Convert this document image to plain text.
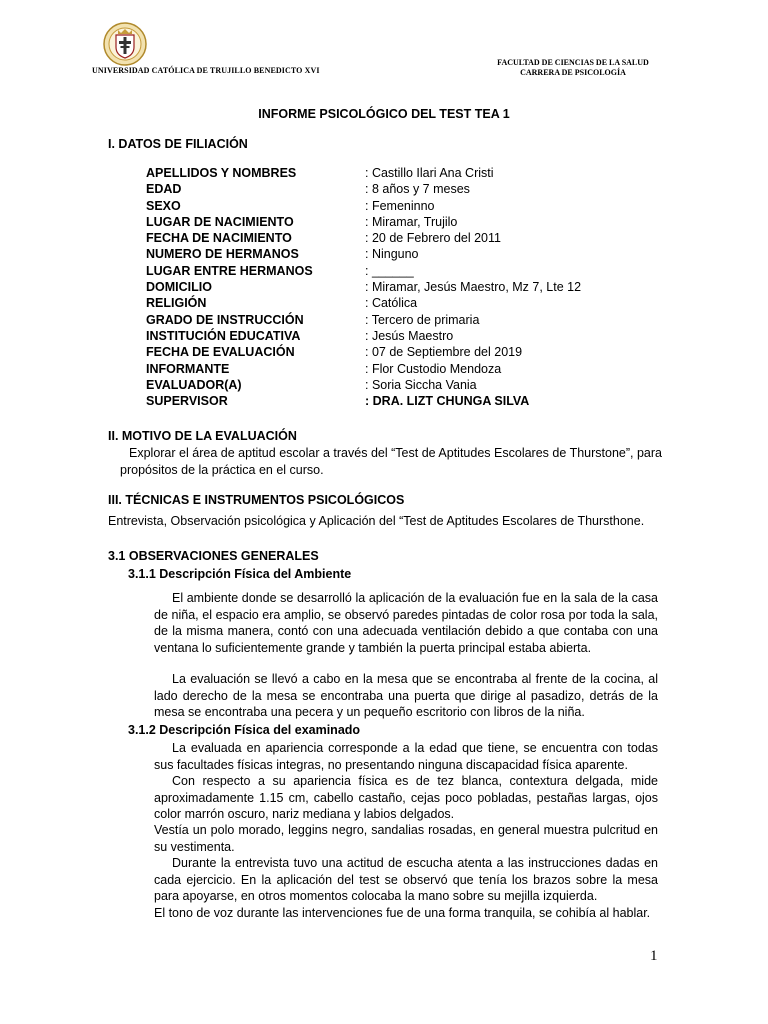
UNIVERSIDAD CATÓLICA DE TRUJILLO BENEDICTO XVI
FACULTAD DE CIENCIAS DE LA SALUD
CARRERA DE PSICOLOGÍA
INFORME PSICOLÓGICO DEL TEST TEA 1
I. DATOS DE FILIACIÓN
APELLIDOS Y NOMBRES	: Castillo Ilari Ana Cristi
EDAD	: 8 años y 7 meses
SEXO	: Femeninno
LUGAR DE NACIMIENTO	: Miramar, Trujilo
FECHA DE NACIMIENTO	: 20 de Febrero del 2011
NUMERO DE HERMANOS	: Ninguno
LUGAR ENTRE HERMANOS	: ______
DOMICILIO	: Miramar, Jesús Maestro, Mz 7, Lte 12
RELIGIÓN	: Católica
GRADO DE INSTRUCCIÓN	: Tercero de primaria
INSTITUCIÓN EDUCATIVA	: Jesús Maestro
FECHA DE EVALUACIÓN	: 07 de Septiembre del 2019
INFORMANTE	: Flor Custodio Mendoza
EVALUADOR(A)	: Soria Siccha Vania
SUPERVISOR	: DRA. LIZT CHUNGA SILVA
II. MOTIVO DE LA EVALUACIÓN
Explorar el área de aptitud escolar a través del “Test de Aptitudes Escolares de Thurstone”, para propósitos de la práctica en el curso.
III. TÉCNICAS E INSTRUMENTOS PSICOLÓGICOS
Entrevista, Observación psicológica y Aplicación del “Test de Aptitudes Escolares de Thursthone.
3.1 OBSERVACIONES GENERALES
3.1.1 Descripción Física del Ambiente
El ambiente donde se desarrolló la aplicación de la evaluación fue en la sala de la casa de niña, el espacio era amplio, se observó paredes pintadas de color rosa por toda la sala, de la misma manera, contó con una adecuada ventilación debido a que contaba con una ventana lo suficientemente grande y también la puerta principal estaba abierta.
La evaluación se llevó a cabo en la mesa que se encontraba al frente de la cocina, al lado derecho de la mesa se encontraba una puerta que dirige al pasadizo, detrás de la mesa se encontraba una pecera y un pequeño escritorio con libros de la niña.
3.1.2 Descripción Física del examinado
La evaluada en apariencia corresponde a la edad que tiene, se encuentra con todas sus facultades físicas integras, no presentando ninguna discapacidad física aparente.
Con respecto a su apariencia física es de tez blanca, contextura delgada, mide aproximadamente 1.15 cm, cabello castaño, cejas poco pobladas, pestañas largas, ojos color marrón oscuro, nariz mediana y labios delgados.
Vestía un polo morado, leggins negro, sandalias rosadas, en general muestra pulcritud en su vestimenta.
Durante la entrevista tuvo una actitud de escucha atenta a las instrucciones dadas en cada ejercicio. En la aplicación del test se observó que tenía los brazos sobre la mesa para apoyarse, en otros momentos colocaba la mano sobre su mejilla izquierda.
El tono de voz durante las intervenciones fue de una forma tranquila, se cohibía al hablar.
1
